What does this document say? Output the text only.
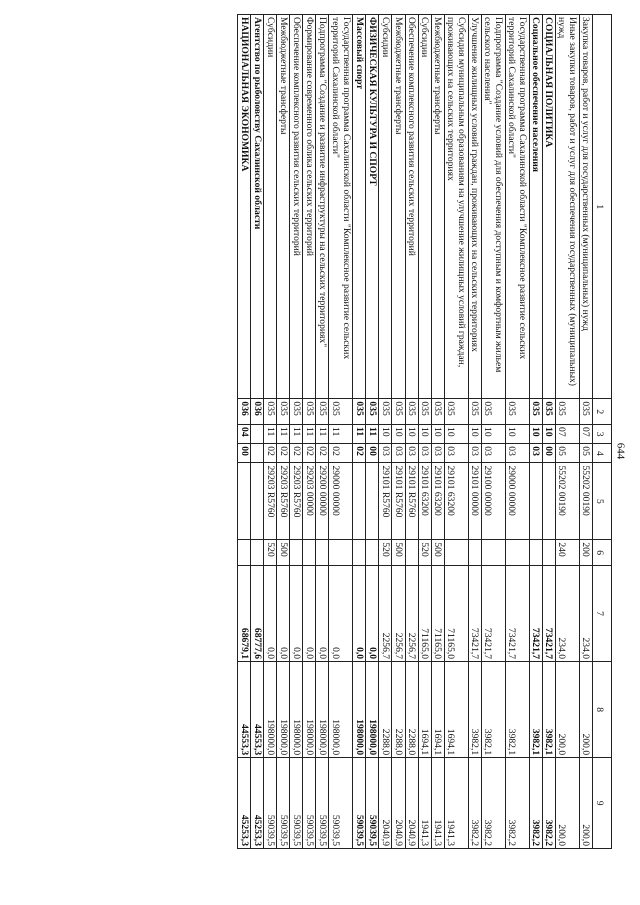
1	2	3	4	5	6	7	8	9
Закупка товаров, работ и услуг для государственных (муниципальных) нужд	035	07	05	55202 00190	200	234,0	200,0	200,0
Иные закупки товаров, работ и услуг для обеспечения государственных (муниципальных) нужд	035	07	05	55202 00190	240	234,0	200,0	200,0
СОЦИАЛЬНАЯ ПОЛИТИКА	035	10	00			73421,7	3982,1	3982,2
Социальное обеспечение населения	035	10	03			73421,7	3982,1	3982,2
Государственная программа Сахалинской области "Комплексное развитие сельских территорий Сахалинской области"	035	10	03	29000 00000		73421,7	3982,1	3982,2
Подпрограмма "Создание условий для обеспечения доступным и комфортным жильем сельского населения"	035	10	03	29100 00000		73421,7	3982,1	3982,2
Улучшение жилищных условий граждан, проживающих на сельских территориях	035	10	03	29101 00000		73421,7	3982,1	3982,2
Субсидия муниципальным образованиям на улучшение жилищных условий граждан, проживающих на сельских территориях	035	10	03	29101 63200		71165,0	1694,1	1941,3
Межбюджетные трансферты	035	10	03	29101 63200	500	71165,0	1694,1	1941,3
Субсидии	035	10	03	29101 63200	520	71165,0	1694,1	1941,3
Обеспечение комплексного развития сельских территорий	035	10	03	29101 R5760		2256,7	2288,0	2040,9
Межбюджетные трансферты	035	10	03	29101 R5760	500	2256,7	2288,0	2040,9
Субсидии	035	10	03	29101 R5760	520	2256,7	2288,0	2040,9
ФИЗИЧЕСКАЯ КУЛЬТУРА И СПОРТ	035	11	00			0,0	198000,0	59039,5
Массовый спорт	035	11	02			0,0	198000,0	59039,5
Государственная программа Сахалинской области "Комплексное развитие сельских территорий Сахалинской области"	035	11	02	29000 00000		0,0	198000,0	59039,5
Подпрограмма "Создание и развитие инфраструктуры на сельских территориях"	035	11	02	29200 00000		0,0	198000,0	59039,5
Формирование современного облика сельских территорий	035	11	02	29203 00000		0,0	198000,0	59039,5
Обеспечение комплексного развития сельских территорий	035	11	02	29203 R5760		0,0	198000,0	59039,5
Межбюджетные трансферты	035	11	02	29203 R5760	500	0,0	198000,0	59039,5
Субсидии	035	11	02	29203 R5760	520	0,0	198000,0	59039,5
Агентство по рыболовству Сахалинской области	036					68777,6	44553,3	45253,3
НАЦИОНАЛЬНАЯ ЭКОНОМИКА	036	04	00			68679,1	44553,3	45253,3
644
